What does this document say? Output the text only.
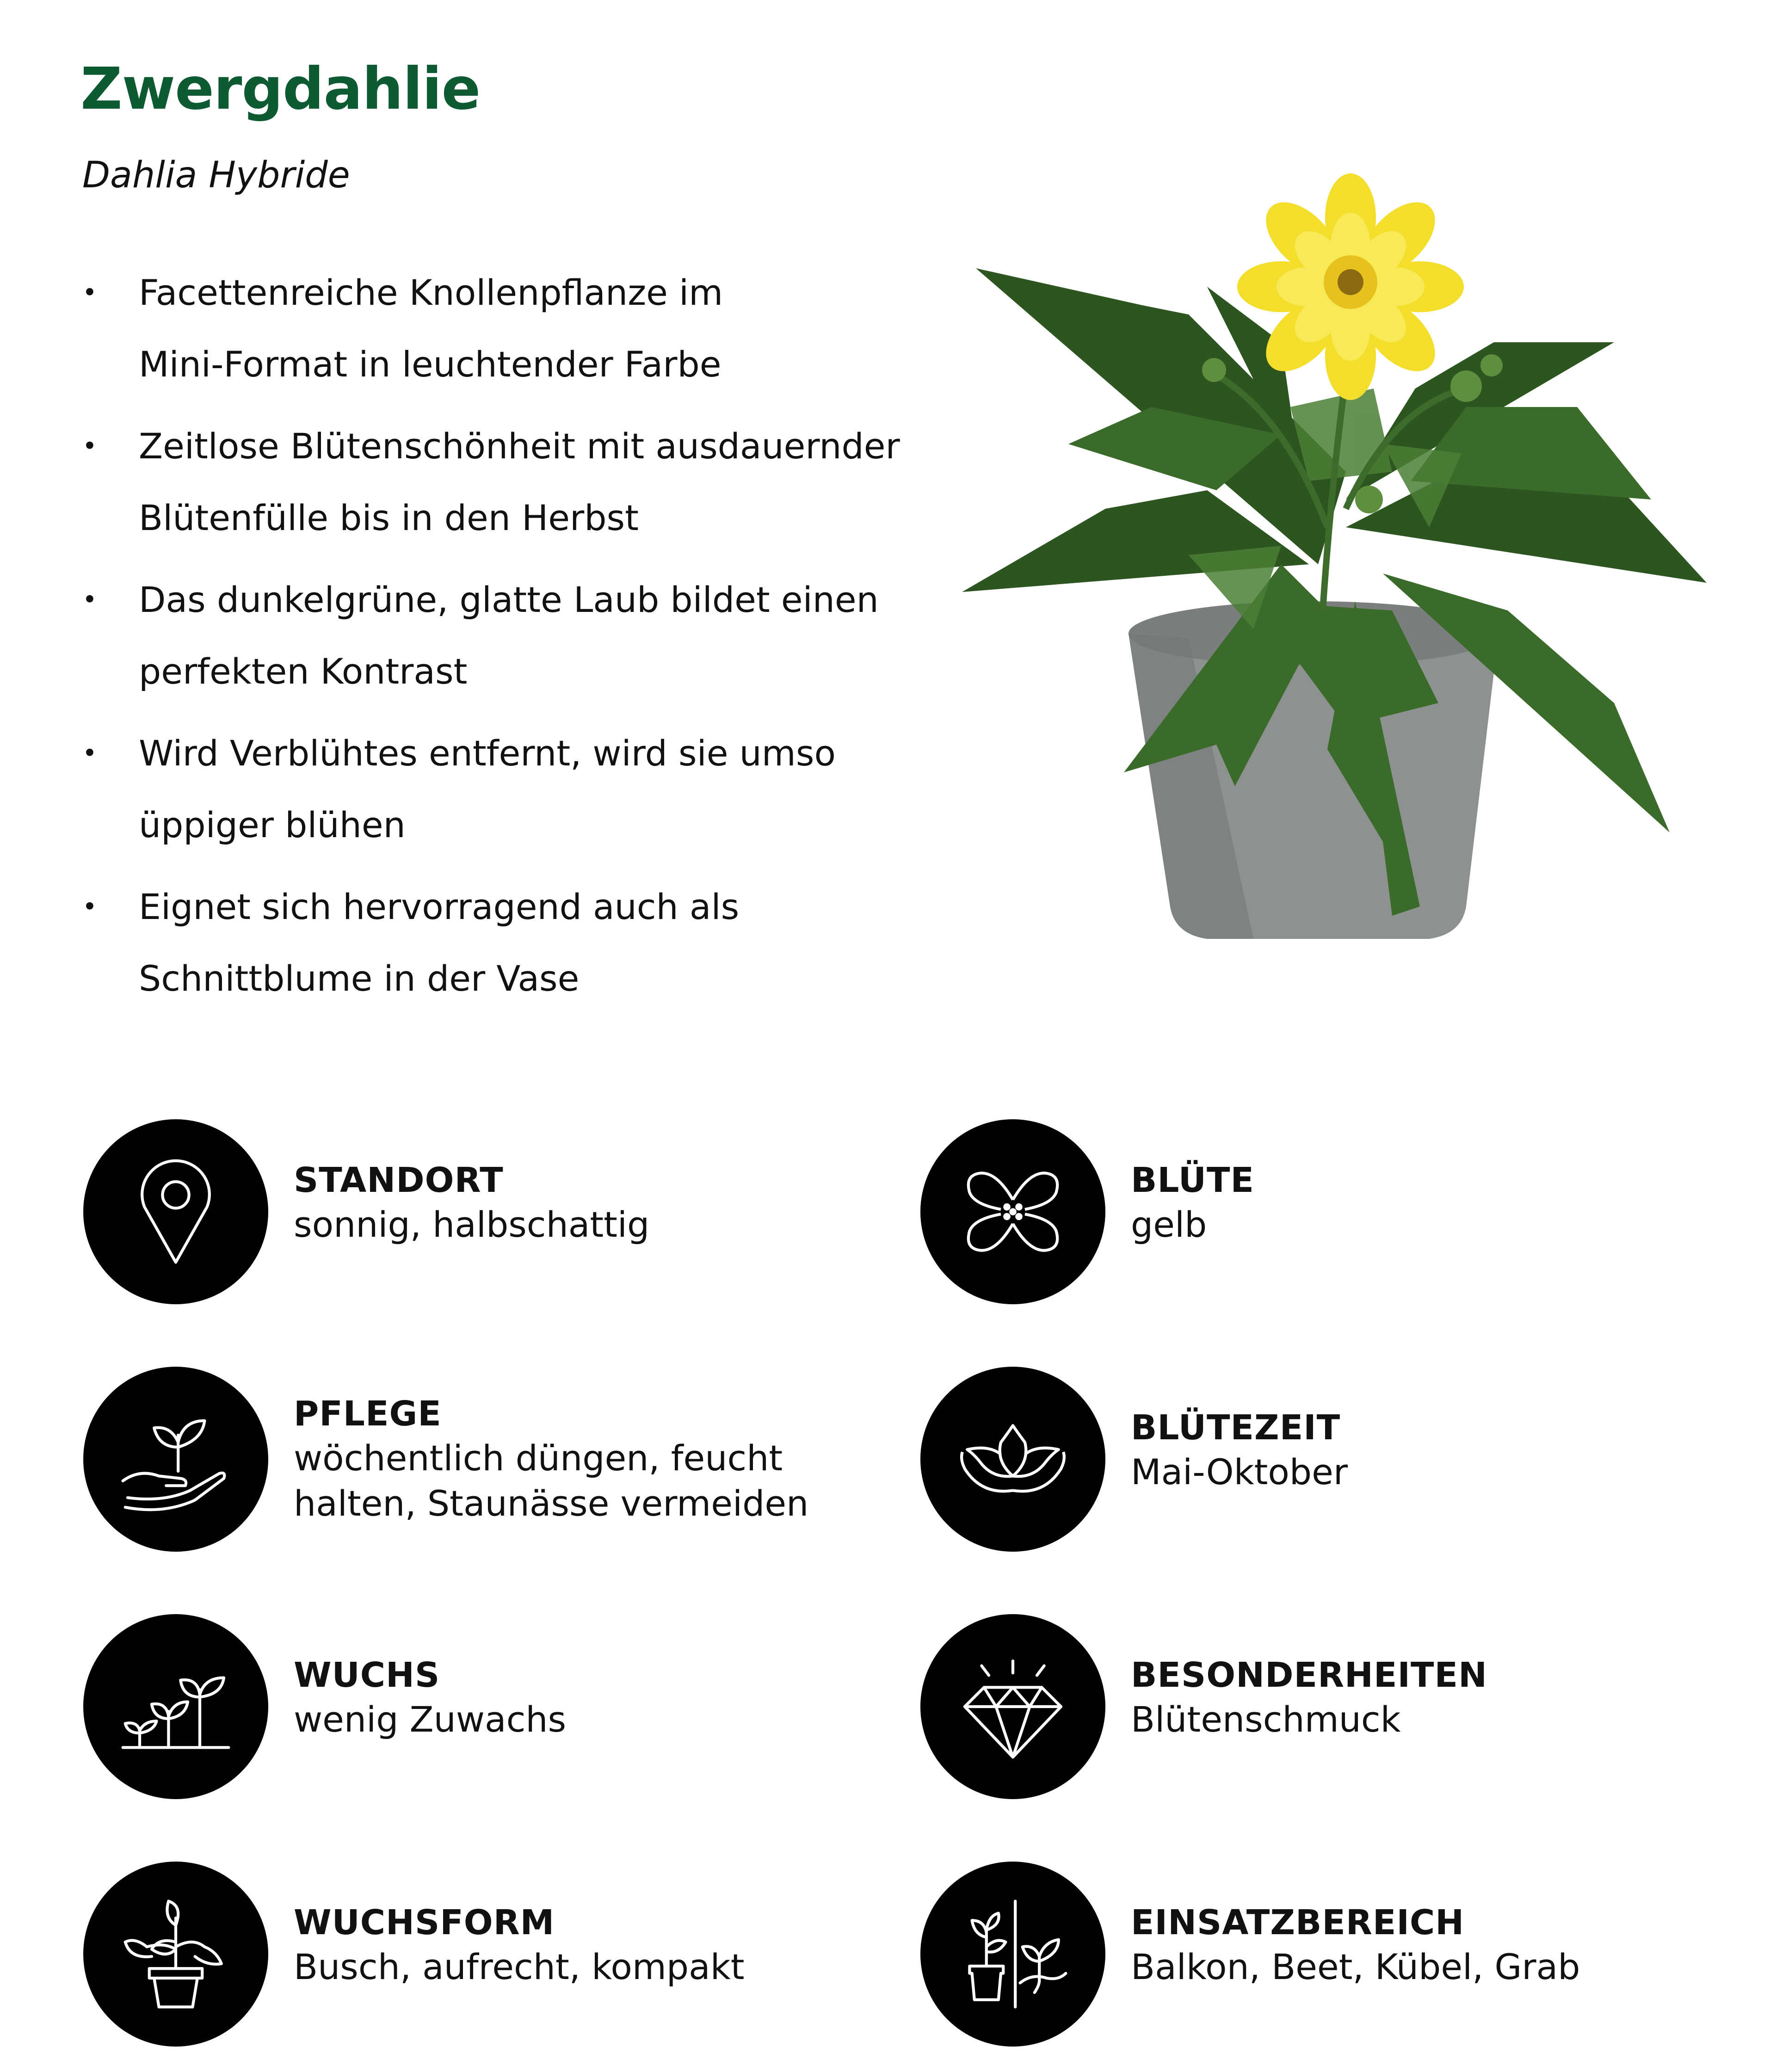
Zwergdahlie
Dahlia Hybride
• Facettenreiche Knollenpflanze im
Mini-Format in leuchtender Farbe
• Zeitlose Blütenschönheit mit ausdauernder
Blütenfülle bis in den Herbst
• Das dunkelgrüne, glatte Laub bildet einen
perfekten Kontrast
• Wird Verblühtes entfernt, wird sie umso
üppiger blühen
• Eignet sich hervorragend auch als
Schnittblume in der Vase
STANDORT
sonnig, halbschattig
PFLEGE
wöchentlich düngen, feucht
halten, Staunässe vermeiden
WUCHS
wenig Zuwachs
WUCHSFORM
Busch, aufrecht, kompakt
BLÜTE
gelb
BLÜTEZEIT
Mai-Oktober
BESONDERHEITEN
Blütenschmuck
EINSATZBEREICH
Balkon, Beet, Kübel, Grab
